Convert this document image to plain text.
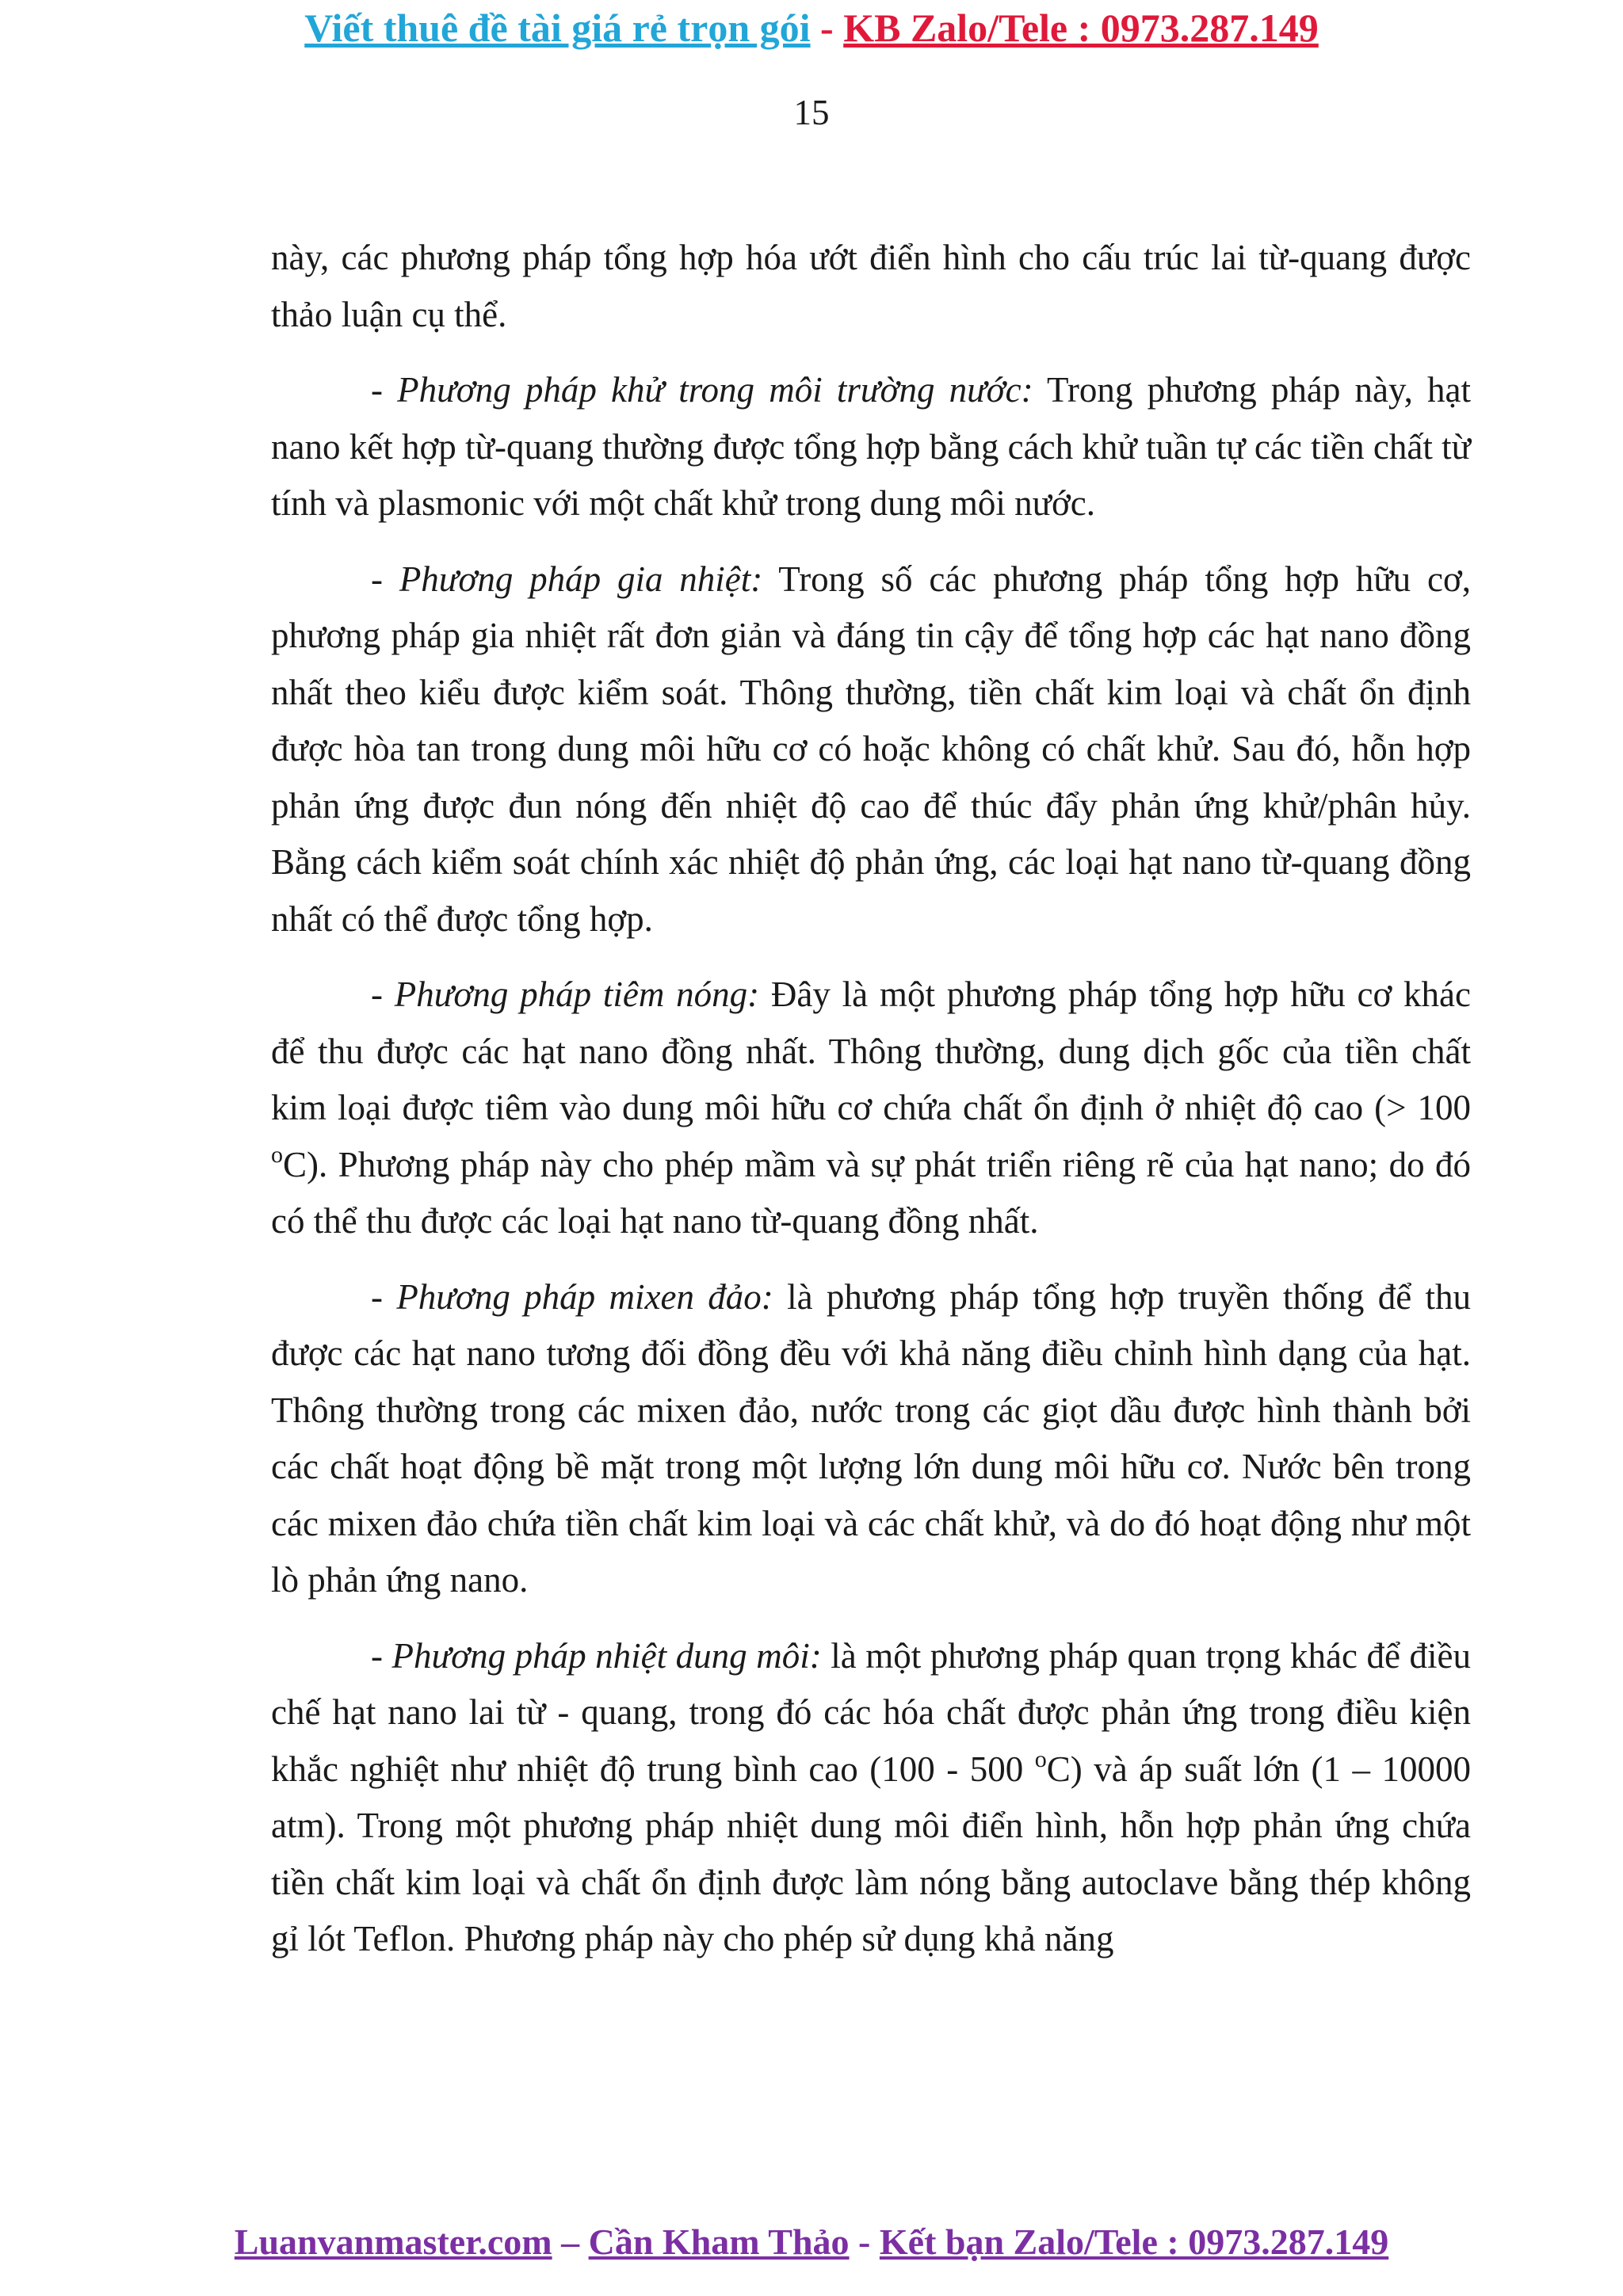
Viết thuê đề tài giá rẻ trọn gói - KB Zalo/Tele : 0973.287.149
15

này, các phương pháp tổng hợp hóa ướt điển hình cho cấu trúc lai từ-quang được thảo luận cụ thể.

- Phương pháp khử trong môi trường nước: Trong phương pháp này, hạt nano kết hợp từ-quang thường được tổng hợp bằng cách khử tuần tự các tiền chất từ tính và plasmonic với một chất khử trong dung môi nước.

- Phương pháp gia nhiệt: Trong số các phương pháp tổng hợp hữu cơ, phương pháp gia nhiệt rất đơn giản và đáng tin cậy để tổng hợp các hạt nano đồng nhất theo kiểu được kiểm soát. Thông thường, tiền chất kim loại và chất ổn định được hòa tan trong dung môi hữu cơ có hoặc không có chất khử. Sau đó, hỗn hợp phản ứng được đun nóng đến nhiệt độ cao để thúc đẩy phản ứng khử/phân hủy. Bằng cách kiểm soát chính xác nhiệt độ phản ứng, các loại hạt nano từ-quang đồng nhất có thể được tổng hợp.

- Phương pháp tiêm nóng: Đây là một phương pháp tổng hợp hữu cơ khác để thu được các hạt nano đồng nhất. Thông thường, dung dịch gốc của tiền chất kim loại được tiêm vào dung môi hữu cơ chứa chất ổn định ở nhiệt độ cao (> 100 $^o$C). Phương pháp này cho phép mầm và sự phát triển riêng rẽ của hạt nano; do đó có thể thu được các loại hạt nano từ-quang đồng nhất.

- Phương pháp mixen đảo: là phương pháp tổng hợp truyền thống để thu được các hạt nano tương đối đồng đều với khả năng điều chỉnh hình dạng của hạt. Thông thường trong các mixen đảo, nước trong các giọt dầu được hình thành bởi các chất hoạt động bề mặt trong một lượng lớn dung môi hữu cơ. Nước bên trong các mixen đảo chứa tiền chất kim loại và các chất khử, và do đó hoạt động như một lò phản ứng nano.

- Phương pháp nhiệt dung môi: là một phương pháp quan trọng khác để điều chế hạt nano lai từ - quang, trong đó các hóa chất được phản ứng trong điều kiện khắc nghiệt như nhiệt độ trung bình cao (100 - 500 $^o$C) và áp suất lớn (1 – 10000 atm). Trong một phương pháp nhiệt dung môi điển hình, hỗn hợp phản ứng chứa tiền chất kim loại và chất ổn định được làm nóng bằng autoclave bằng thép không gỉ lót Teflon. Phương pháp này cho phép sử dụng khả năng

Luanvanmaster.com – Cần Kham Thảo - Kết bạn Zalo/Tele : 0973.287.149
